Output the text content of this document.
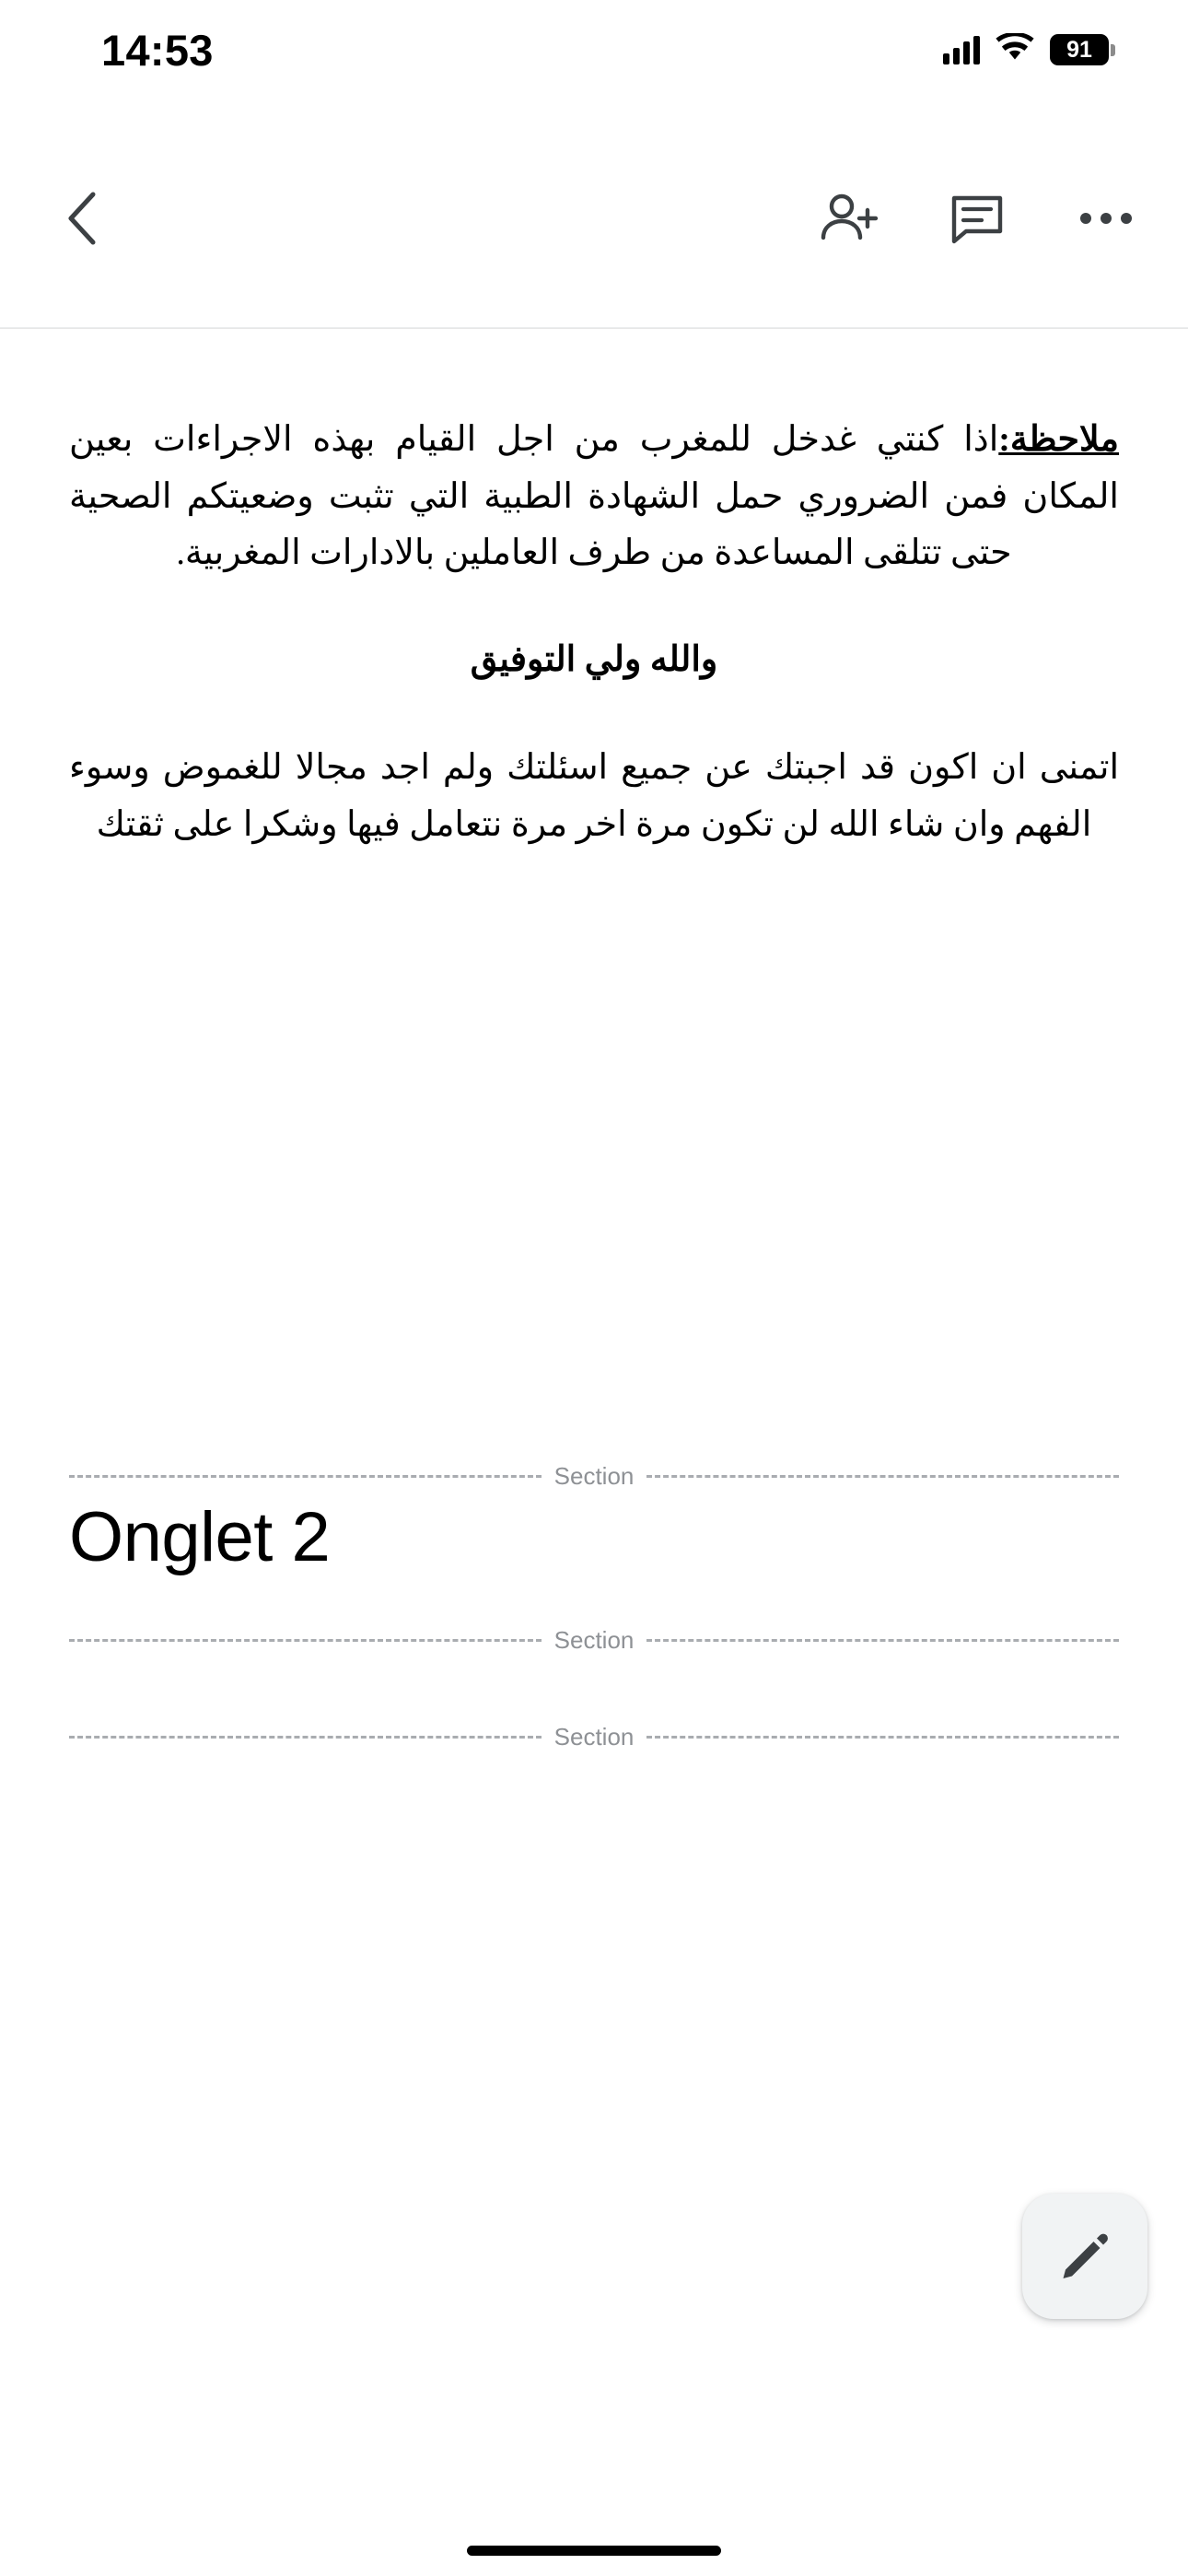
14:53	91

ملاحظة:اذا كنتي غدخل للمغرب من اجل القيام بهذه الاجراءات بعين المكان فمن الضروري حمل الشهادة الطبية التي تثبت وضعيتكم الصحية حتى تتلقى المساعدة من طرف العاملين بالادارات المغربية.

والله ولي التوفيق

اتمنى ان اكون قد اجبتك عن جميع اسئلتك ولم اجد مجالا للغموض وسوء الفهم وان شاء الله لن تكون مرة اخر مرة نتعامل فيها وشكرا على ثقتك

Section
Onglet 2
Section
Section
